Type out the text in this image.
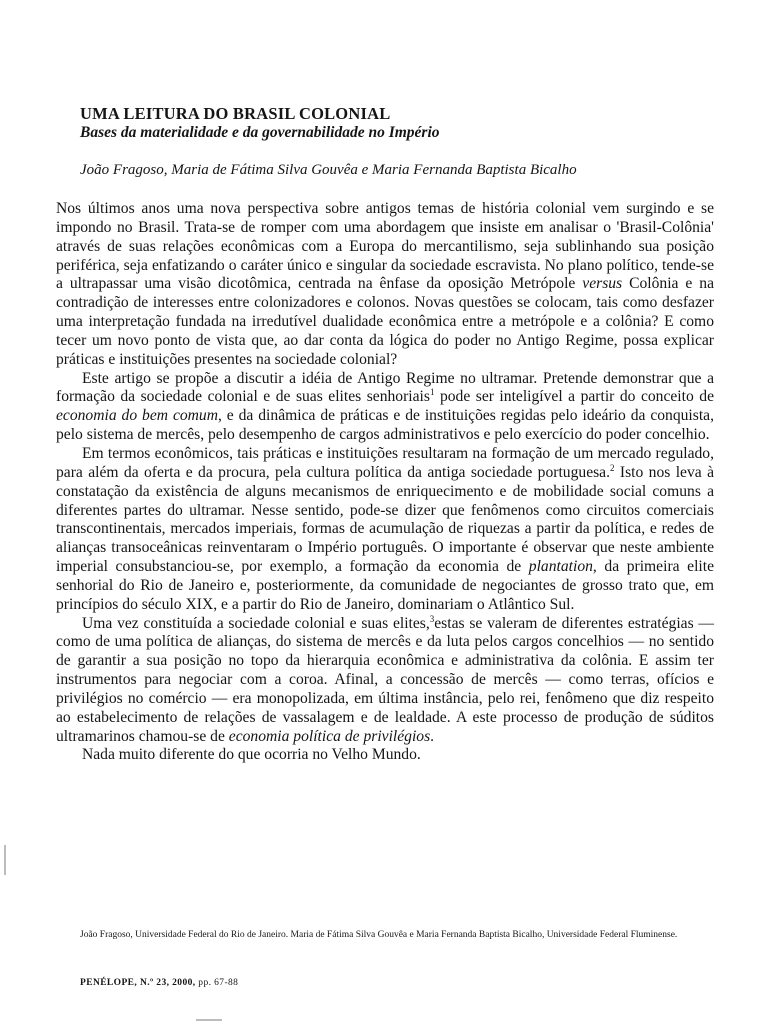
UMA LEITURA DO BRASIL COLONIAL
Bases da materialidade e da governabilidade no Império
João Fragoso, Maria de Fátima Silva Gouvêa e Maria Fernanda Baptista Bicalho

Nos últimos anos uma nova perspectiva sobre antigos temas de história colonial vem surgindo e se impondo no Brasil. Trata-se de romper com uma abordagem que insiste em analisar o 'Brasil-Colônia' através de suas relações econômicas com a Europa do mercantilismo, seja sublinhando sua posição periférica, seja enfatizando o caráter único e singular da sociedade escravista. No plano político, tende-se a ultrapassar uma visão dicotômica, centrada na ênfase da oposição Metrópole versus Colônia e na contradição de interesses entre colonizadores e colonos. Novas questões se colocam, tais como desfazer uma interpretação fundada na irredutível dualidade econômica entre a metrópole e a colônia? E como tecer um novo ponto de vista que, ao dar conta da lógica do poder no Antigo Regime, possa explicar práticas e instituições presentes na sociedade colonial?

Este artigo se propõe a discutir a idéia de Antigo Regime no ultramar. Pretende demonstrar que a formação da sociedade colonial e de suas elites senhoriais$^1$ pode ser inteligível a partir do conceito de economia do bem comum, e da dinâmica de práticas e de instituições regidas pelo ideário da conquista, pelo sistema de mercês, pelo desempenho de cargos administrativos e pelo exercício do poder concelhio.

Em termos econômicos, tais práticas e instituições resultaram na formação de um mercado regulado, para além da oferta e da procura, pela cultura política da antiga sociedade portuguesa.$^2$ Isto nos leva à constatação da existência de alguns mecanismos de enriquecimento e de mobilidade social comuns a diferentes partes do ultramar. Nesse sentido, pode-se dizer que fenômenos como circuitos comerciais transcontinentais, mercados imperiais, formas de acumulação de riquezas a partir da política, e redes de alianças transoceânicas reinventaram o Império português. O importante é observar que neste ambiente imperial consubstanciou-se, por exemplo, a formação da economia de plantation, da primeira elite senhorial do Rio de Janeiro e, posteriormente, da comunidade de negociantes de grosso trato que, em princípios do século XIX, e a partir do Rio de Janeiro, dominariam o Atlântico Sul.

Uma vez constituída a sociedade colonial e suas elites,$^3$estas se valeram de diferentes estratégias — como de uma política de alianças, do sistema de mercês e da luta pelos cargos concelhios — no sentido de garantir a sua posição no topo da hierarquia econômica e administrativa da colônia. E assim ter instrumentos para negociar com a coroa. Afinal, a concessão de mercês — como terras, ofícios e privilégios no comércio — era monopolizada, em última instância, pelo rei, fenômeno que diz respeito ao estabelecimento de relações de vassalagem e de lealdade. A este processo de produção de súditos ultramarinos chamou-se de economia política de privilégios.

Nada muito diferente do que ocorria no Velho Mundo.

João Fragoso, Universidade Federal do Rio de Janeiro. Maria de Fátima Silva Gouvêa e Maria Fernanda Baptista Bicalho, Universidade Federal Fluminense.
PENÉLOPE, N.º 23, 2000, pp. 67-88
